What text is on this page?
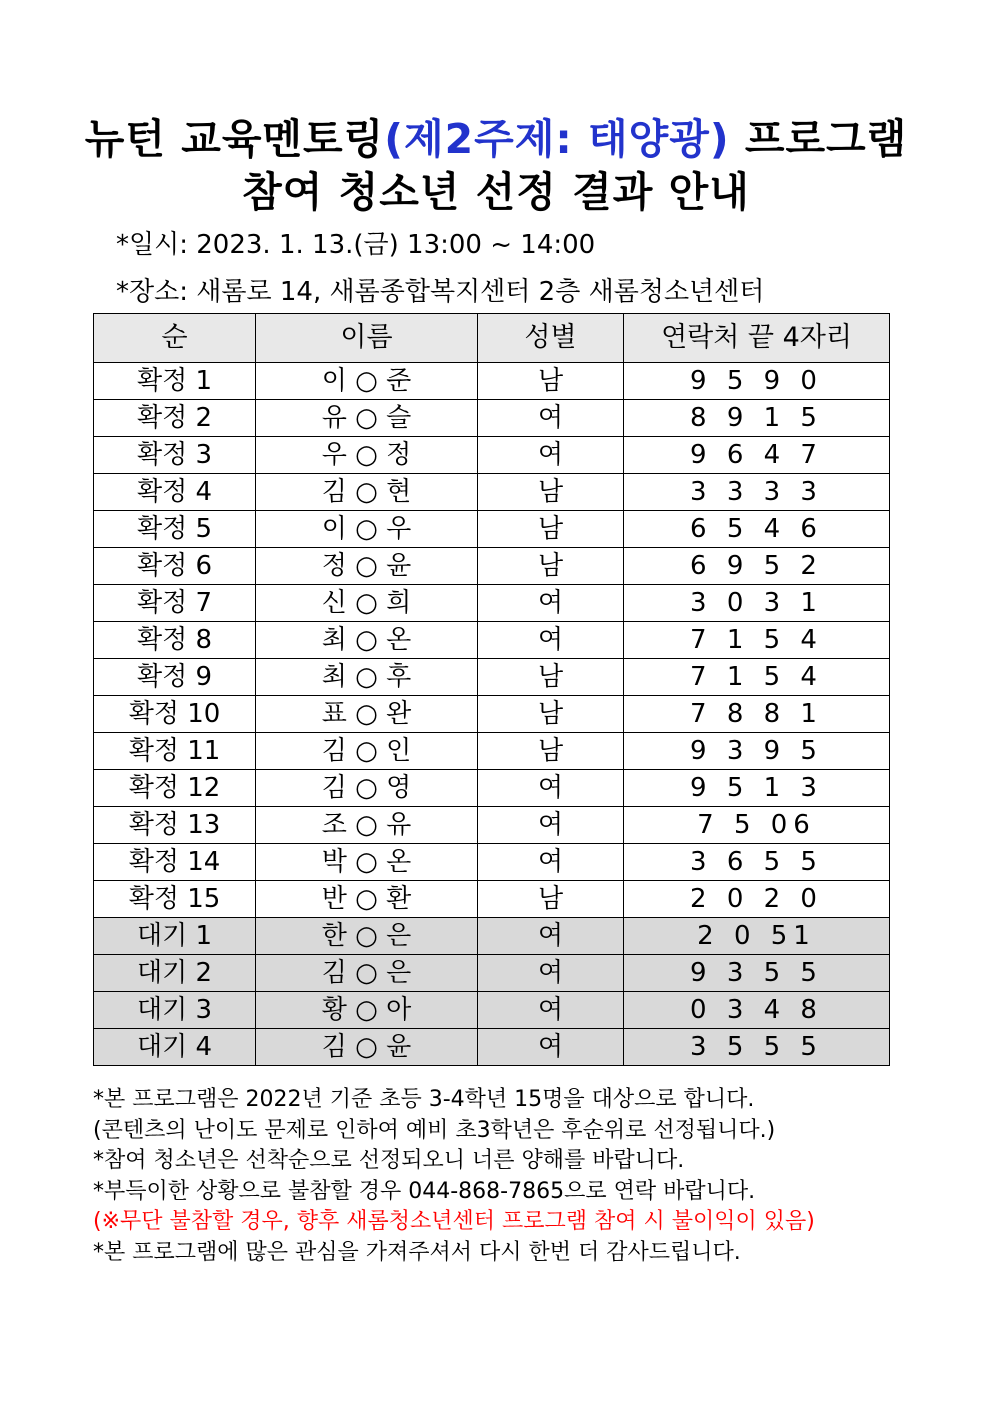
뉴턴 교육멘토링(제2주제: 태양광) 프로그램
참여 청소년 선정 결과 안내
*일시: 2023. 1. 13.(금) 13:00 ~ 14:00
*장소: 새롬로 14, 새롬종합복지센터 2층 새롬청소년센터
순	이름	성별	연락처 끝 4자리
확정 1	이 ○ 준	남	9 5 9 0
확정 2	유 ○ 슬	여	8 9 1 5
확정 3	우 ○ 정	여	9 6 4 7
확정 4	김 ○ 현	남	3 3 3 3
확정 5	이 ○ 우	남	6 5 4 6
확정 6	정 ○ 윤	남	6 9 5 2
확정 7	신 ○ 희	여	3 0 3 1
확정 8	최 ○ 온	여	7 1 5 4
확정 9	최 ○ 후	남	7 1 5 4
확정 10	표 ○ 완	남	7 8 8 1
확정 11	김 ○ 인	남	9 3 9 5
확정 12	김 ○ 영	여	9 5 1 3
확정 13	조 ○ 유	여	7 5 06
확정 14	박 ○ 온	여	3 6 5 5
확정 15	반 ○ 환	남	2 0 2 0
대기 1	한 ○ 은	여	2 0 51
대기 2	김 ○ 은	여	9 3 5 5
대기 3	황 ○ 아	여	0 3 4 8
대기 4	김 ○ 윤	여	3 5 5 5
*본 프로그램은 2022년 기준 초등 3-4학년 15명을 대상으로 합니다.
(콘텐츠의 난이도 문제로 인하여 예비 초3학년은 후순위로 선정됩니다.)
*참여 청소년은 선착순으로 선정되오니 너른 양해를 바랍니다.
*부득이한 상황으로 불참할 경우 044-868-7865으로 연락 바랍니다.
(※무단 불참할 경우, 향후 새롬청소년센터 프로그램 참여 시 불이익이 있음)
*본 프로그램에 많은 관심을 가져주셔서 다시 한번 더 감사드립니다.
